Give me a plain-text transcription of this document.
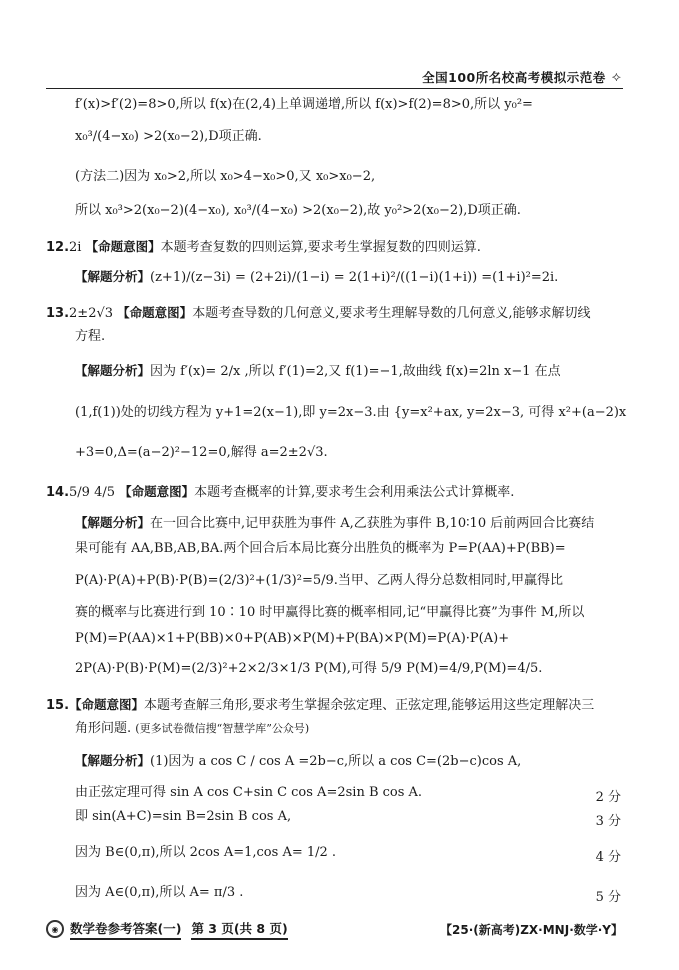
全国100所名校高考模拟示范卷 ⟡
f′(x)>f′(2)=8>0,所以 f(x)在(2,4)上单调递增,所以 f(x)>f(2)=8>0,所以 y₀²=
x₀³/(4−x₀) >2(x₀−2),D项正确.
(方法二)因为 x₀>2,所以 x₀>4−x₀>0,又 x₀>x₀−2,
所以 x₀³>2(x₀−2)(4−x₀), x₀³/(4−x₀) >2(x₀−2),故 y₀²>2(x₀−2),D项正确.
12.2i 【命题意图】本题考查复数的四则运算,要求考生掌握复数的四则运算.
【解题分析】(z+1)/(z−3i) = (2+2i)/(1−i) = 2(1+i)²/((1−i)(1+i)) =(1+i)²=2i.
13.2±2√3 【命题意图】本题考查导数的几何意义,要求考生理解导数的几何意义,能够求解切线
方程.
【解题分析】因为 f′(x)= 2/x ,所以 f′(1)=2,又 f(1)=−1,故曲线 f(x)=2ln x−1 在点
(1,f(1))处的切线方程为 y+1=2(x−1),即 y=2x−3.由 {y=x²+ax, y=2x−3, 可得 x²+(a−2)x
+3=0,Δ=(a−2)²−12=0,解得 a=2±2√3.
14.5/9 4/5 【命题意图】本题考查概率的计算,要求考生会利用乘法公式计算概率.
【解题分析】在一回合比赛中,记甲获胜为事件 A,乙获胜为事件 B,10∶10 后前两回合比赛结
果可能有 AA,BB,AB,BA.两个回合后本局比赛分出胜负的概率为 P=P(AA)+P(BB)=
P(A)·P(A)+P(B)·P(B)=(2/3)²+(1/3)²=5/9.当甲、乙两人得分总数相同时,甲赢得比
赛的概率与比赛进行到 10∶10 时甲赢得比赛的概率相同,记“甲赢得比赛”为事件 M,所以
P(M)=P(AA)×1+P(BB)×0+P(AB)×P(M)+P(BA)×P(M)=P(A)·P(A)+
2P(A)·P(B)·P(M)=(2/3)²+2×2/3×1/3 P(M),可得 5/9 P(M)=4/9,P(M)=4/5.
15.【命题意图】本题考查解三角形,要求考生掌握余弦定理、正弦定理,能够运用这些定理解决三
角形问题. (更多试卷微信搜“智慧学库”公众号)
【解题分析】(1)因为 a cos C / cos A =2b−c,所以 a cos C=(2b−c)cos A,
由正弦定理可得 sin A cos C+sin C cos A=2sin B cos A.	2 分
即 sin(A+C)=sin B=2sin B cos A,	3 分
因为 B∈(0,π),所以 2cos A=1,cos A= 1/2 .	4 分
因为 A∈(0,π),所以 A= π/3 .	5 分
◉ 数学卷参考答案(一) 第 3 页(共 8 页)	【25·(新高考)ZX·MNJ·数学·Y】
